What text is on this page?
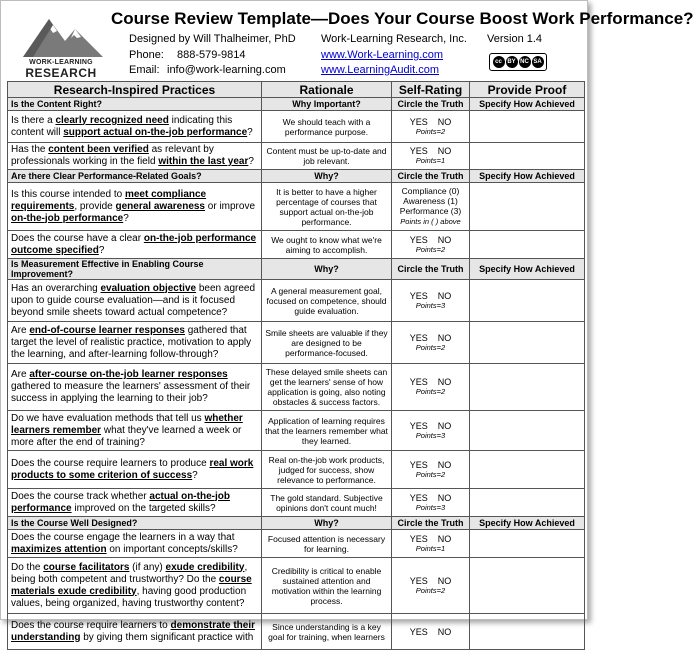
WORK-LEARNING
RESEARCH
Course Review Template—Does Your Course Boost Work Performance?
Designed by Will Thalheimer, PhD Work-Learning Research, Inc. Version 1.4
Phone: 888-579-9814
Email: info@work-learning.com
www.Work-Learning.com
www.LearningAudit.com
cc BY NC SA
Research-Inspired Practices	Rationale	Self-Rating	Provide Proof
Is the Content Right?	Why Important?	Circle the Truth	Specify How Achieved
Is there a clearly recognized need indicating this content will support actual on-the-job performance?	We should teach with a performance purpose.	YES    NO
Points=2	

Has the content been verified as relevant by professionals working in the field within the last year?	Content must be up-to-date and job relevant.	YES    NO
Points=1	

Are there Clear Performance-Related Goals?	Why?	Circle the Truth	Specify How Achieved
Is this course intended to meet compliance requirements, provide general awareness or improve on-the-job performance?	It is better to have a higher percentage of courses that support actual on-the-job performance.	Compliance (0)
Awareness (1)
Performance (3)
Points in ( ) above	

Does the course have a clear on-the-job performance outcome specified?	We ought to know what we're aiming to accomplish.	YES    NO
Points=2	

Is Measurement Effective in Enabling Course Improvement?	Why?	Circle the Truth	Specify How Achieved
Has an overarching evaluation objective been agreed upon to guide course evaluation—and is it focused beyond smile sheets toward actual competence?	A general measurement goal, focused on competence, should guide evaluation.	YES    NO
Points=3	

Are end-of-course learner responses gathered that target the level of realistic practice, motivation to apply the learning, and after-learning follow-through?	Smile sheets are valuable if they are designed to be performance-focused.	YES    NO
Points=2	

Are after-course on-the-job learner responses gathered to measure the learners' assessment of their success in applying the learning to their job?	These delayed smile sheets can get the learners' sense of how application is going, also noting obstacles & success factors.	YES    NO
Points=2	

Do we have evaluation methods that tell us whether learners remember what they've learned a week or more after the end of training?	Application of learning requires that the learners remember what they learned.	YES    NO
Points=3	

Does the course require learners to produce real work products to some criterion of success?	Real on-the-job work products, judged for success, show relevance to performance.	YES    NO
Points=2	

Does the course track whether actual on-the-job performance improved on the targeted skills?	The gold standard. Subjective opinions don't count much!	YES    NO
Points=3	

Is the Course Well Designed?	Why?	Circle the Truth	Specify How Achieved
Does the course engage the learners in a way that maximizes attention on important concepts/skills?	Focused attention is necessary for learning.	YES    NO
Points=1	

Do the course facilitators (if any) exude credibility, being both competent and trustworthy? Do the course materials exude credibility, having good production values, being organized, having trustworthy content?	Credibility is critical to enable sustained attention and motivation within the learning process.	YES    NO
Points=2	

Does the course require learners to demonstrate their understanding by giving them significant practice with	Since understanding is a key goal for training, when learners	YES    NO
